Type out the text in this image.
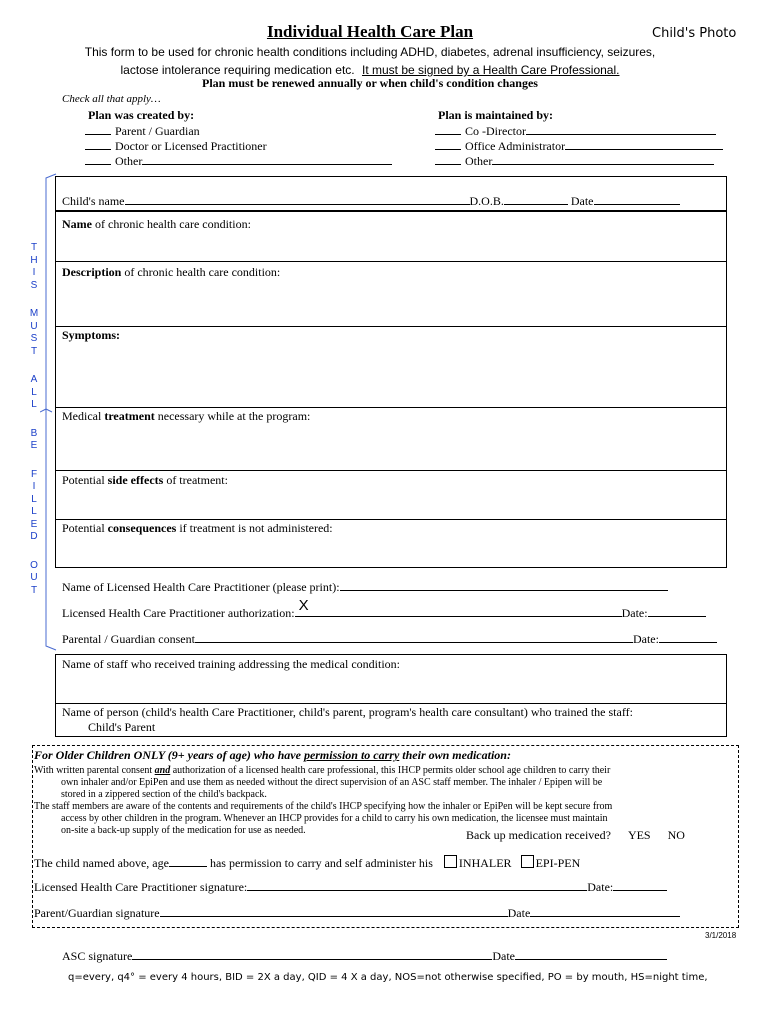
Individual Health Care Plan	Child's Photo
This form to be used for chronic health conditions including ADHD, diabetes, adrenal insufficiency, seizures,
lactose intolerance requiring medication etc. It must be signed by a Health Care Professional.
Plan must be renewed annually or when child's condition changes
Check all that apply…
Plan was created by:
Parent / Guardian
Doctor or Licensed Practitioner
Other
Plan is maintained by:
Co -Director
Office Administrator
Other
T
H
I
S

M
U
S
T

A
L
L

B
E

F
I
L
L
E
D

O
U
T
Child's name	D.O.B.	Date
Name of chronic health care condition:
Description of chronic health care condition:
Symptoms:
Medical treatment necessary while at the program:
Potential side effects of treatment:
Potential consequences if treatment is not administered:
Name of Licensed Health Care Practitioner (please print):
Licensed Health Care Practitioner authorization: X	Date:
Parental / Guardian consent	Date:
Name of staff who received training addressing the medical condition:
Name of person (child's health Care Practitioner, child's parent, program's health care consultant) who trained the staff:
Child's Parent
For Older Children ONLY (9+ years of age) who have permission to carry their own medication:
With written parental consent and authorization of a licensed health care professional, this IHCP permits older school age children to carry their
own inhaler and/or EpiPen and use them as needed without the direct supervision of an ASC staff member. The inhaler / Epipen will be
stored in a zippered section of the child's backpack.
The staff members are aware of the contents and requirements of the child's IHCP specifying how the inhaler or EpiPen will be kept secure from
access by other children in the program. Whenever an IHCP provides for a child to carry his own medication, the licensee must maintain
on-site a back-up supply of the medication for use as needed.	Back up medication received? YES NO
The child named above, age	has permission to carry and self administer his INHALER EPI-PEN
Licensed Health Care Practitioner signature:	Date:
Parent/Guardian signature	Date
3/1/2018
ASC signature	Date
q=every, q4° = every 4 hours, BID = 2X a day, QID = 4 X a day, NOS=not otherwise specified, PO = by mouth, HS=night time,
